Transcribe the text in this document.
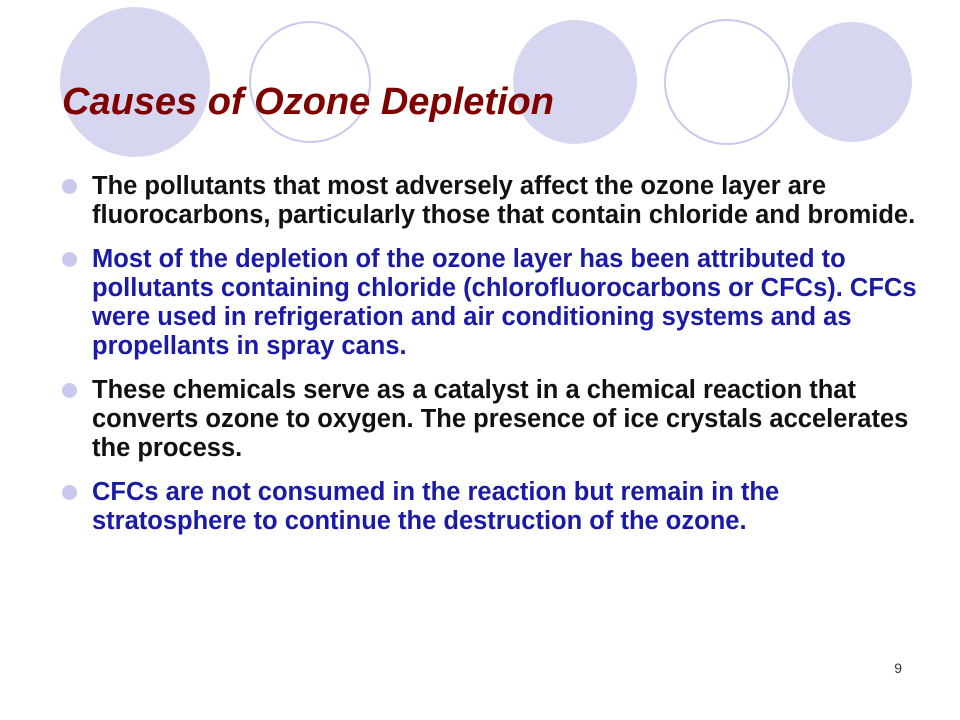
Causes of Ozone Depletion
The pollutants that most adversely affect the ozone layer are fluorocarbons, particularly those that contain chloride and bromide.
Most of the depletion of the ozone layer has been attributed to pollutants containing chloride (chlorofluorocarbons or CFCs). CFCs were used in refrigeration and air conditioning systems and as propellants in spray cans.
These chemicals serve as a catalyst in a chemical reaction that converts ozone to oxygen. The presence of ice crystals accelerates the process.
CFCs are not consumed in the reaction but remain in the stratosphere to continue the destruction of the ozone.
9
